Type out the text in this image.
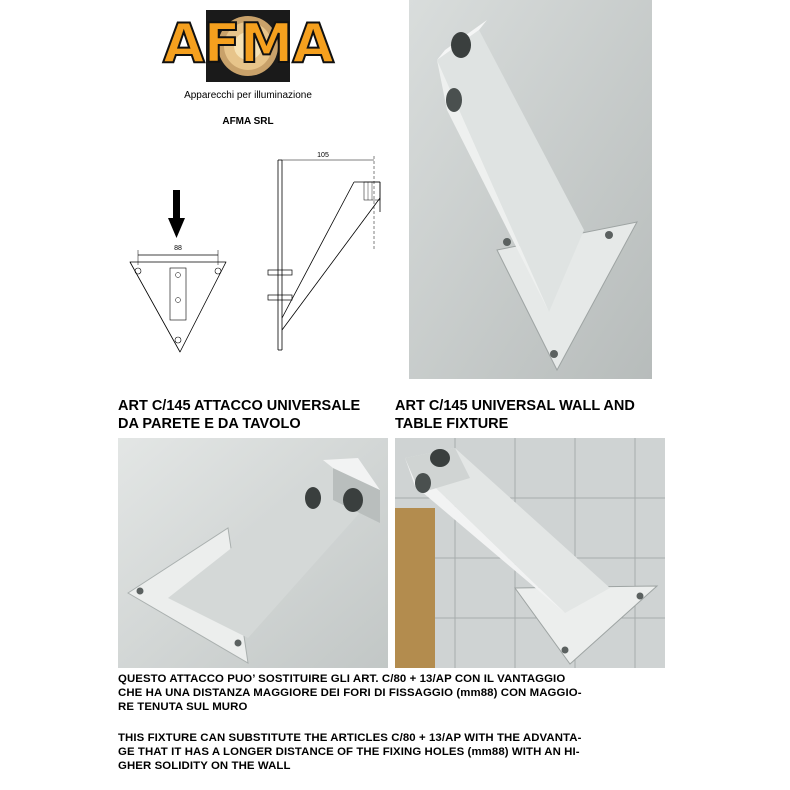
AFMA
Apparecchi per illuminazione
AFMA SRL
88
105
ART C/145 ATTACCO UNIVERSALE
DA PARETE E DA TAVOLO
ART C/145 UNIVERSAL WALL AND
TABLE FIXTURE
QUESTO ATTACCO PUO’ SOSTITUIRE GLI ART. C/80 + 13/AP CON IL VANTAGGIO
CHE HA UNA DISTANZA MAGGIORE DEI FORI DI FISSAGGIO (mm88) CON MAGGIO-
RE TENUTA SUL MURO
THIS FIXTURE CAN SUBSTITUTE THE ARTICLES C/80 + 13/AP WITH THE ADVANTA-
GE THAT IT HAS A LONGER DISTANCE OF THE FIXING HOLES (mm88) WITH AN HI-
GHER SOLIDITY ON THE WALL
